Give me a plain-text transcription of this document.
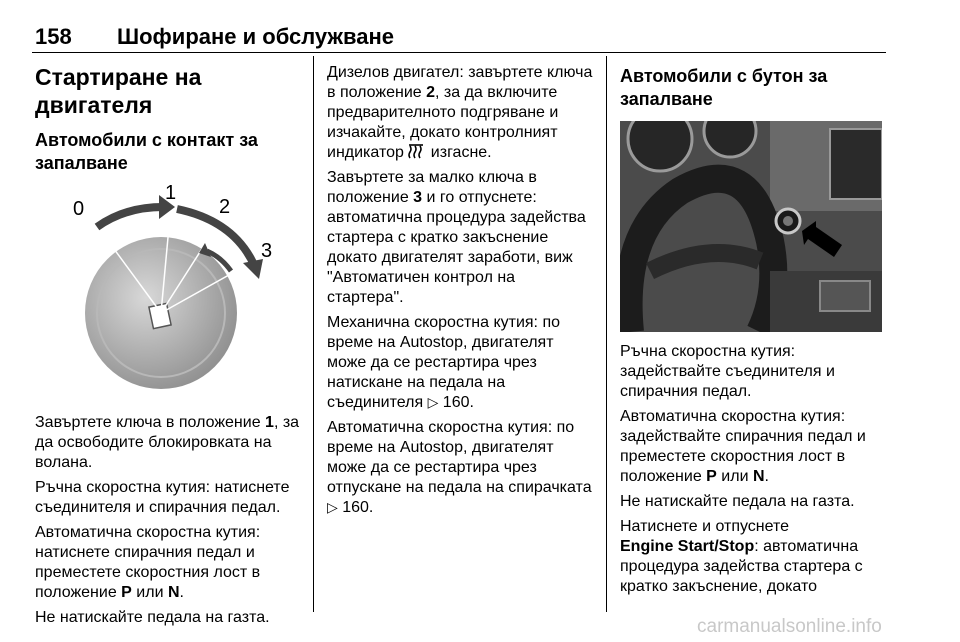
158 Шофиране и обслужване
Стартиране на двигателя
Автомобили с контакт за
запалване
0
1
2
3

Завъртете ключа в положение 1, за да освободите блокировката на волана.

Ръчна скоростна кутия: натиснете съединителя и спирачния педал.

Автоматична скоростна кутия: натиснете спирачния педал и преместете скоростния лост в положение P или N.

Не натискайте педала на газта.

Дизелов двигател: завъртете ключа в положение 2, за да включите предварителното подгряване и изчакайте, докато контролният индикатор  изгасне.

Завъртете за малко ключа в положение 3 и го отпуснете: автоматична процедура задейства стартера с кратко закъснение докато двигателят заработи, виж "Автоматичен контрол на стартера".

Механична скоростна кутия: по време на Autostop, двигателят може да се рестартира чрез натискане на педала на съединителя ▷ 160.

Автоматична скоростна кутия: по време на Autostop, двигателят може да се рестартира чрез отпускане на педала на спирачката ▷ 160.

Автомобили с бутон за
запалване

Ръчна скоростна кутия: задействайте съединителя и спирачния педал.

Автоматична скоростна кутия: задействайте спирачния педал и преместете скоростния лост в положение P или N.

Не натискайте педала на газта.

Натиснете и отпуснете
Engine Start/Stop: автоматична процедура задейства стартера с кратко закъснение, докато

carmanualsonline.info
